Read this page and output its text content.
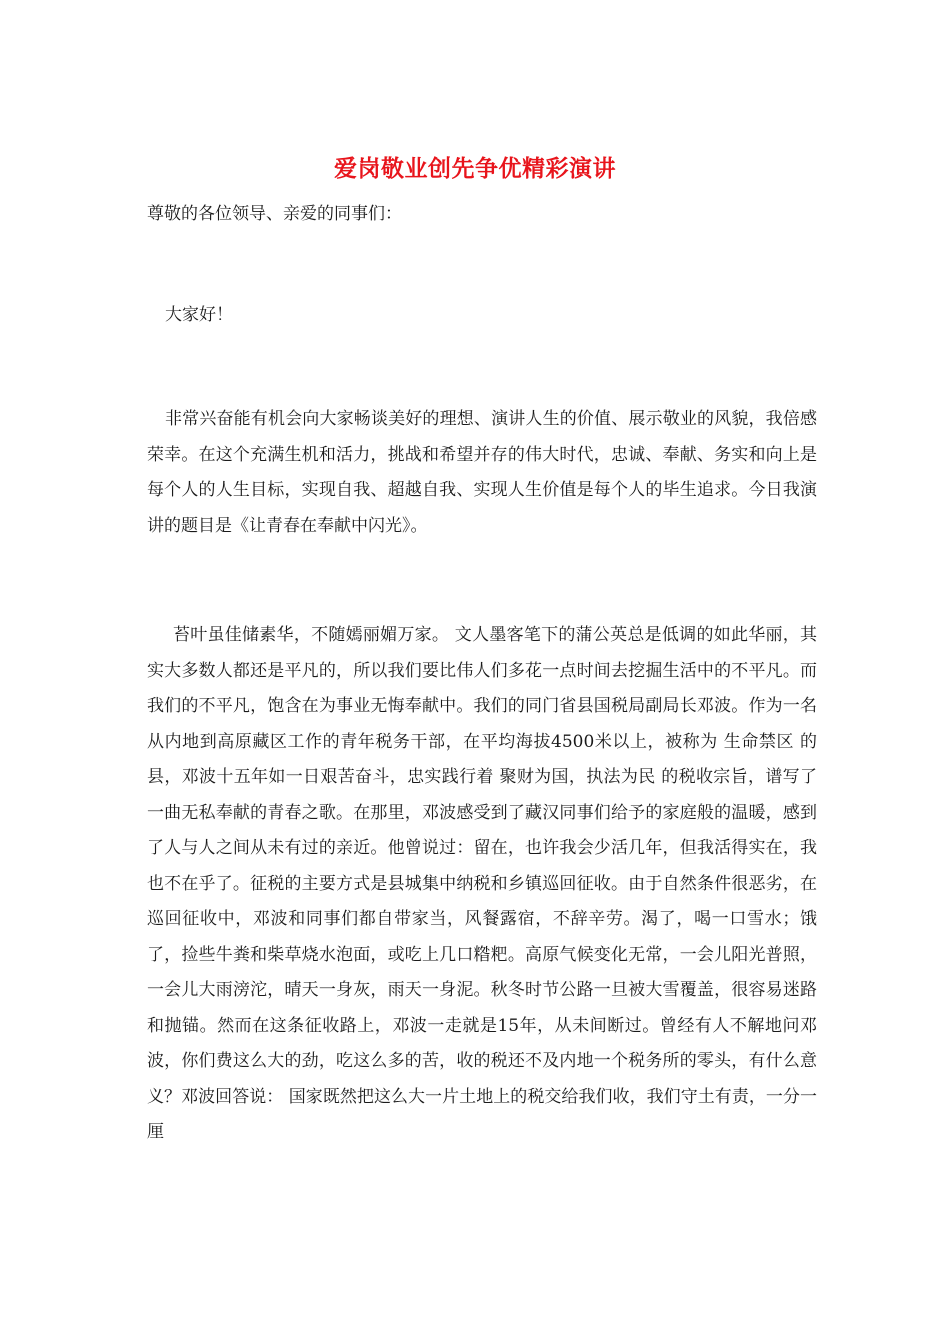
爱岗敬业创先争优精彩演讲
尊敬的各位领导、亲爱的同事们：
大家好！

非常兴奋能有机会向大家畅谈美好的理想、演讲人生的价值、展示敬业的风貌，我倍感荣幸。在这个充满生机和活力，挑战和希望并存的伟大时代，忠诚、奉献、务实和向上是每个人的人生目标，实现自我、超越自我、实现人生价值是每个人的毕生追求。今日我演讲的题目是《让青春在奉献中闪光》。

苔叶虽佳储素华，不随嫣丽媚万家。 文人墨客笔下的蒲公英总是低调的如此华丽，其实大多数人都还是平凡的，所以我们要比伟人们多花一点时间去挖掘生活中的不平凡。而我们的不平凡，饱含在为事业无悔奉献中。我们的同门省县国税局副局长邓波。作为一名从内地到高原藏区工作的青年税务干部，在平均海拔4500米以上，被称为 生命禁区 的县，邓波十五年如一日艰苦奋斗，忠实践行着 聚财为国，执法为民 的税收宗旨，谱写了一曲无私奉献的青春之歌。在那里，邓波感受到了藏汉同事们给予的家庭般的温暖，感到了人与人之间从未有过的亲近。他曾说过：留在，也许我会少活几年，但我活得实在，我也不在乎了。征税的主要方式是县城集中纳税和乡镇巡回征收。由于自然条件很恶劣，在巡回征收中，邓波和同事们都自带家当，风餐露宿，不辞辛劳。渴了，喝一口雪水；饿了，捡些牛粪和柴草烧水泡面，或吃上几口糌粑。高原气候变化无常，一会儿阳光普照，一会儿大雨滂沱，晴天一身灰，雨天一身泥。秋冬时节公路一旦被大雪覆盖，很容易迷路和抛锚。然而在这条征收路上，邓波一走就是15年，从未间断过。曾经有人不解地问邓波，你们费这么大的劲，吃这么多的苦，收的税还不及内地一个税务所的零头，有什么意义？邓波回答说： 国家既然把这么大一片土地上的税交给我们收，我们守土有责，一分一厘
